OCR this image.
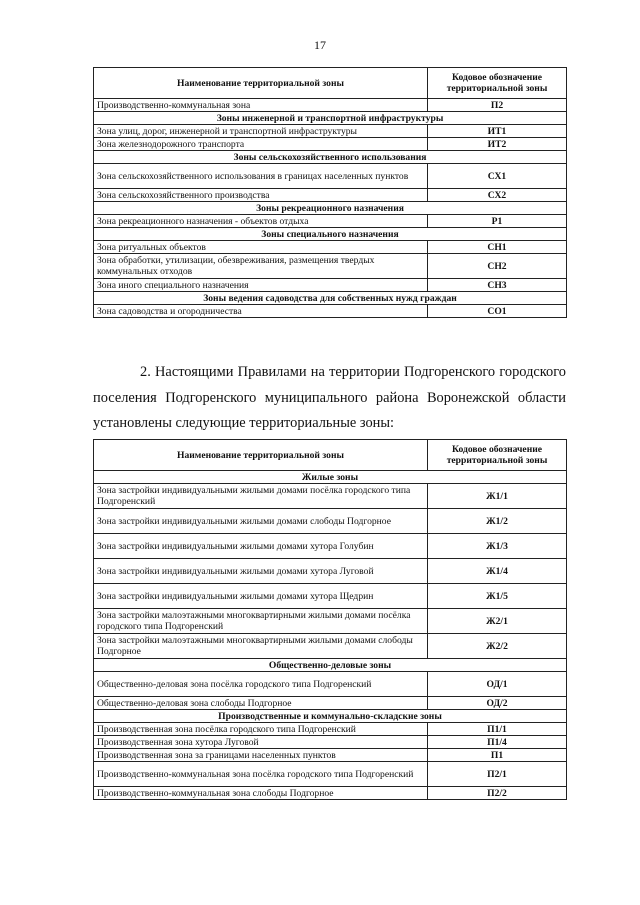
17
Наименование территориальной зоны	Кодовое обозначение территориальной зоны
Производственно-коммунальная зона	П2
Зоны инженерной и транспортной инфраструктуры	
Зона улиц, дорог, инженерной и транспортной инфраструктуры	ИТ1
Зона железнодорожного транспорта	ИТ2
Зоны сельскохозяйственного использования	
Зона сельскохозяйственного использования в границах населенных пунктов	СХ1
Зона сельскохозяйственного производства	СХ2
Зоны рекреационного назначения	
Зона рекреационного назначения - объектов отдыха	Р1
Зоны специального назначения	
Зона ритуальных объектов	СН1
Зона обработки, утилизации, обезвреживания, размещения твердых коммунальных отходов	СН2
Зона иного специального назначения	СН3
Зоны ведения садоводства для собственных нужд граждан	
Зона садоводства и огородничества	СО1
2. Настоящими Правилами на территории Подгоренского городского поселения Подгоренского муниципального района Воронежской области установлены следующие территориальные зоны:
Наименование территориальной зоны	Кодовое обозначение территориальной зоны
Жилые зоны	
Зона застройки индивидуальными жилыми домами посёлка городского типа Подгоренский	Ж1/1
Зона застройки индивидуальными жилыми домами слободы Подгорное	Ж1/2
Зона застройки индивидуальными жилыми домами хутора Голубин	Ж1/3
Зона застройки индивидуальными жилыми домами хутора Луговой	Ж1/4
Зона застройки индивидуальными жилыми домами хутора Щедрин	Ж1/5
Зона застройки малоэтажными многоквартирными жилыми домами посёлка городского типа Подгоренский	Ж2/1
Зона застройки малоэтажными многоквартирными жилыми домами слободы Подгорное	Ж2/2
Общественно-деловые зоны	
Общественно-деловая зона посёлка городского типа Подгоренский	ОД/1
Общественно-деловая зона слободы Подгорное	ОД/2
Производственные и коммунально-складские зоны	
Производственная зона посёлка городского типа Подгоренский	П1/1
Производственная зона хутора Луговой	П1/4
Производственная зона за границами населенных пунктов	П1
Производственно-коммунальная зона посёлка городского типа Подгоренский	П2/1
Производственно-коммунальная зона слободы Подгорное	П2/2
